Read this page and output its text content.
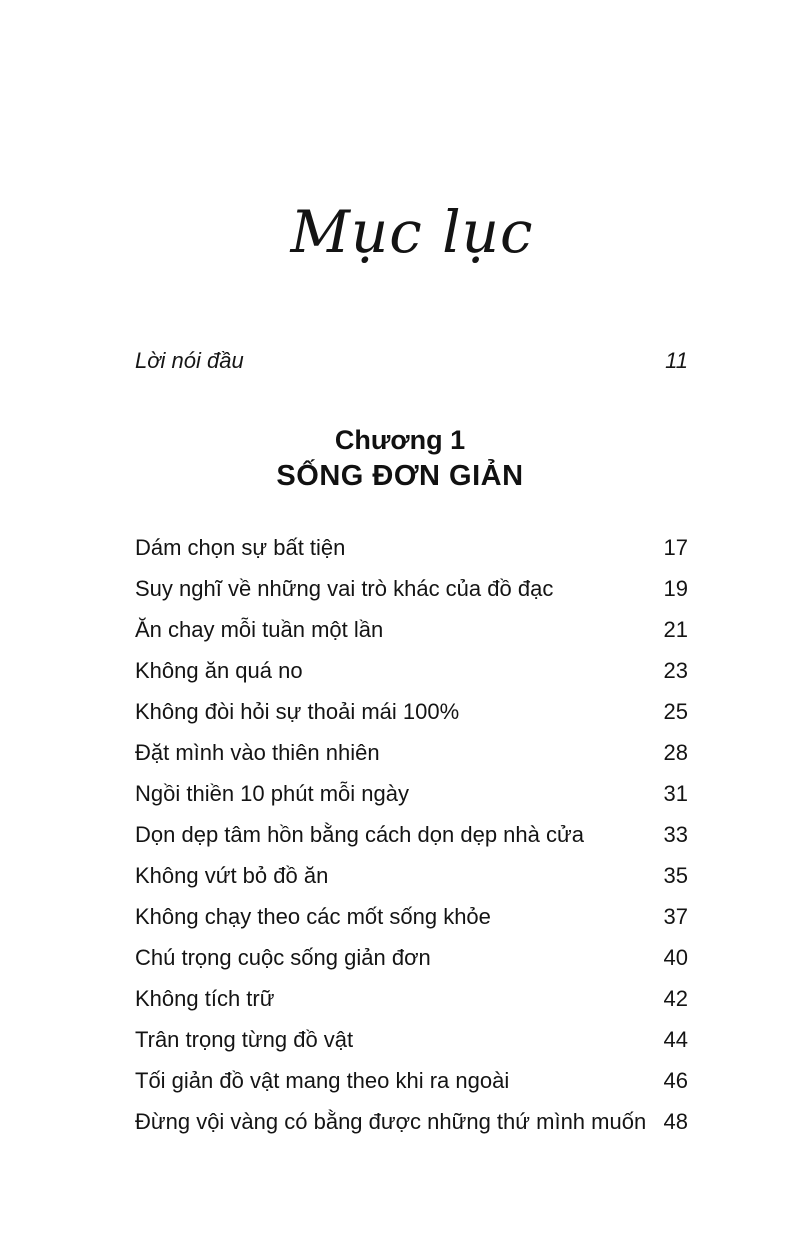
Mục lục
Lời nói đầu	11
Chương 1
SỐNG ĐƠN GIẢN
Dám chọn sự bất tiện	17
Suy nghĩ về những vai trò khác của đồ đạc	19
Ăn chay mỗi tuần một lần	21
Không ăn quá no	23
Không đòi hỏi sự thoải mái 100%	25
Đặt mình vào thiên nhiên	28
Ngồi thiền 10 phút mỗi ngày	31
Dọn dẹp tâm hồn bằng cách dọn dẹp nhà cửa	33
Không vứt bỏ đồ ăn	35
Không chạy theo các mốt sống khỏe	37
Chú trọng cuộc sống giản đơn	40
Không tích trữ	42
Trân trọng từng đồ vật	44
Tối giản đồ vật mang theo khi ra ngoài	46
Đừng vội vàng có bằng được những thứ mình muốn 48
